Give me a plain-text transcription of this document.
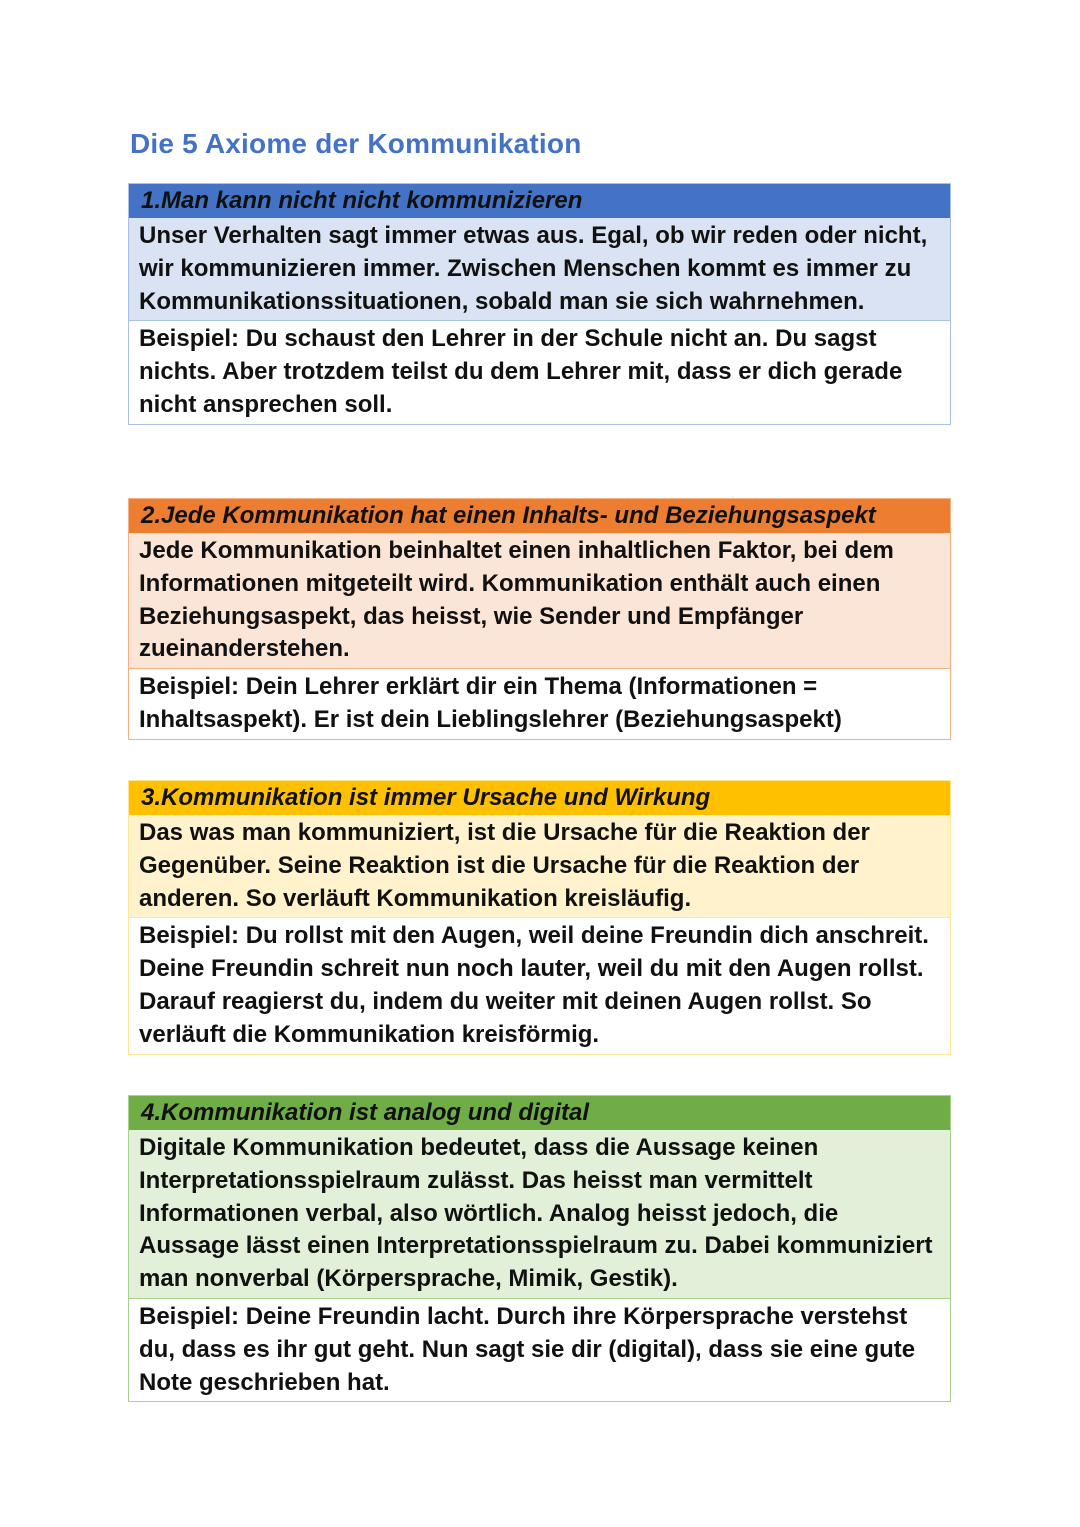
Die 5 Axiome der Kommunikation
1.Man kann nicht nicht kommunizieren
Unser Verhalten sagt immer etwas aus. Egal, ob wir reden oder nicht, wir kommunizieren immer. Zwischen Menschen kommt es immer zu Kommunikationssituationen, sobald man sie sich wahrnehmen.
Beispiel: Du schaust den Lehrer in der Schule nicht an. Du sagst nichts. Aber trotzdem teilst du dem Lehrer mit, dass er dich gerade nicht ansprechen soll.
2.Jede Kommunikation hat einen Inhalts- und Beziehungsaspekt
Jede Kommunikation beinhaltet einen inhaltlichen Faktor, bei dem Informationen mitgeteilt wird. Kommunikation enthält auch einen Beziehungsaspekt, das heisst, wie Sender und Empfänger zueinanderstehen.
Beispiel: Dein Lehrer erklärt dir ein Thema (Informationen = Inhaltsaspekt). Er ist dein Lieblingslehrer (Beziehungsaspekt)
3.Kommunikation ist immer Ursache und Wirkung
Das was man kommuniziert, ist die Ursache für die Reaktion der Gegenüber. Seine Reaktion ist die Ursache für die Reaktion der anderen. So verläuft Kommunikation kreisläufig.
Beispiel: Du rollst mit den Augen, weil deine Freundin dich anschreit. Deine Freundin schreit nun noch lauter, weil du mit den Augen rollst. Darauf reagierst du, indem du weiter mit deinen Augen rollst. So verläuft die Kommunikation kreisförmig.
4.Kommunikation ist analog und digital
Digitale Kommunikation bedeutet, dass die Aussage keinen Interpretationsspielraum zulässt. Das heisst man vermittelt Informationen verbal, also wörtlich. Analog heisst jedoch, die Aussage lässt einen Interpretationsspielraum zu. Dabei kommuniziert man nonverbal (Körpersprache, Mimik, Gestik).
Beispiel: Deine Freundin lacht. Durch ihre Körpersprache verstehst du, dass es ihr gut geht. Nun sagt sie dir (digital), dass sie eine gute Note geschrieben hat.
